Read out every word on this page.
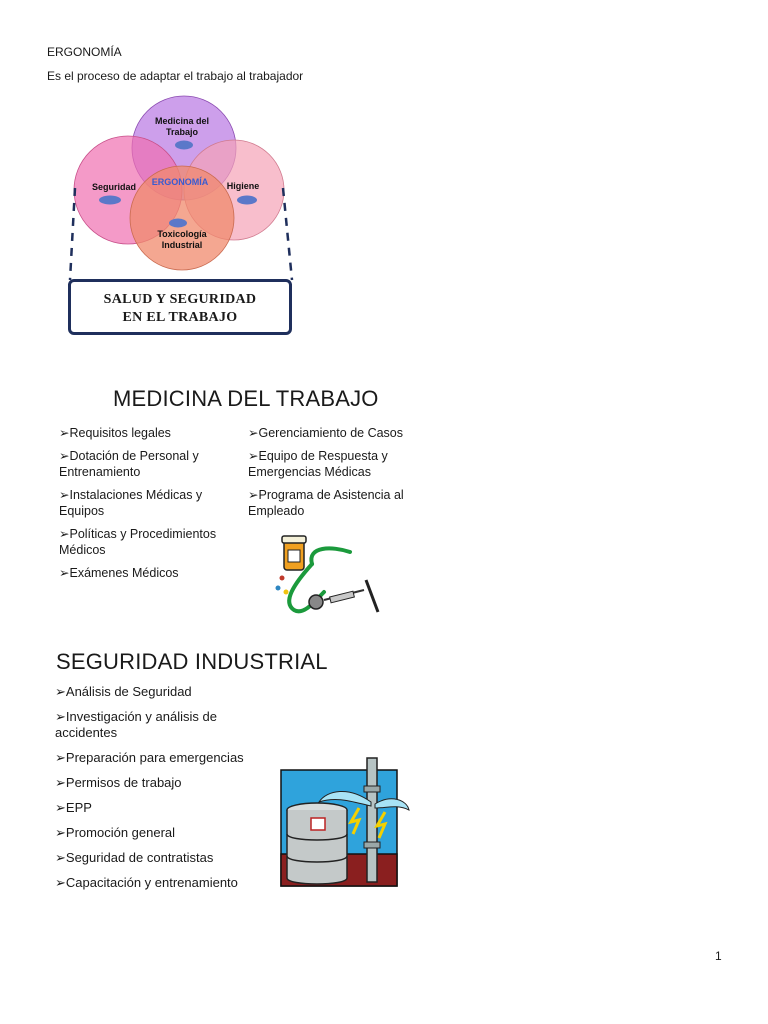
ERGONOMÍA
Es el proceso de adaptar el trabajo al trabajador
Medicina del Trabajo
Seguridad	ERGONOMÍA	Higiene
Toxicología Industrial
SALUD Y SEGURIDAD
EN EL TRABAJO
MEDICINA DEL TRABAJO
➢ Requisitos legales
➢ Dotación de Personal y
Entrenamiento
➢ Instalaciones Médicas y
Equipos
➢ Políticas y Procedimientos
Médicos
➢ Exámenes Médicos
➢ Gerenciamiento de Casos
➢ Equipo de Respuesta y
Emergencias Médicas
➢ Programa de Asistencia al
Empleado
SEGURIDAD INDUSTRIAL
➢ Análisis de Seguridad
➢ Investigación y análisis de
accidentes
➢ Preparación para emergencias
➢ Permisos de trabajo
➢ EPP
➢ Promoción general
➢ Seguridad de contratistas
➢ Capacitación y entrenamiento
1
